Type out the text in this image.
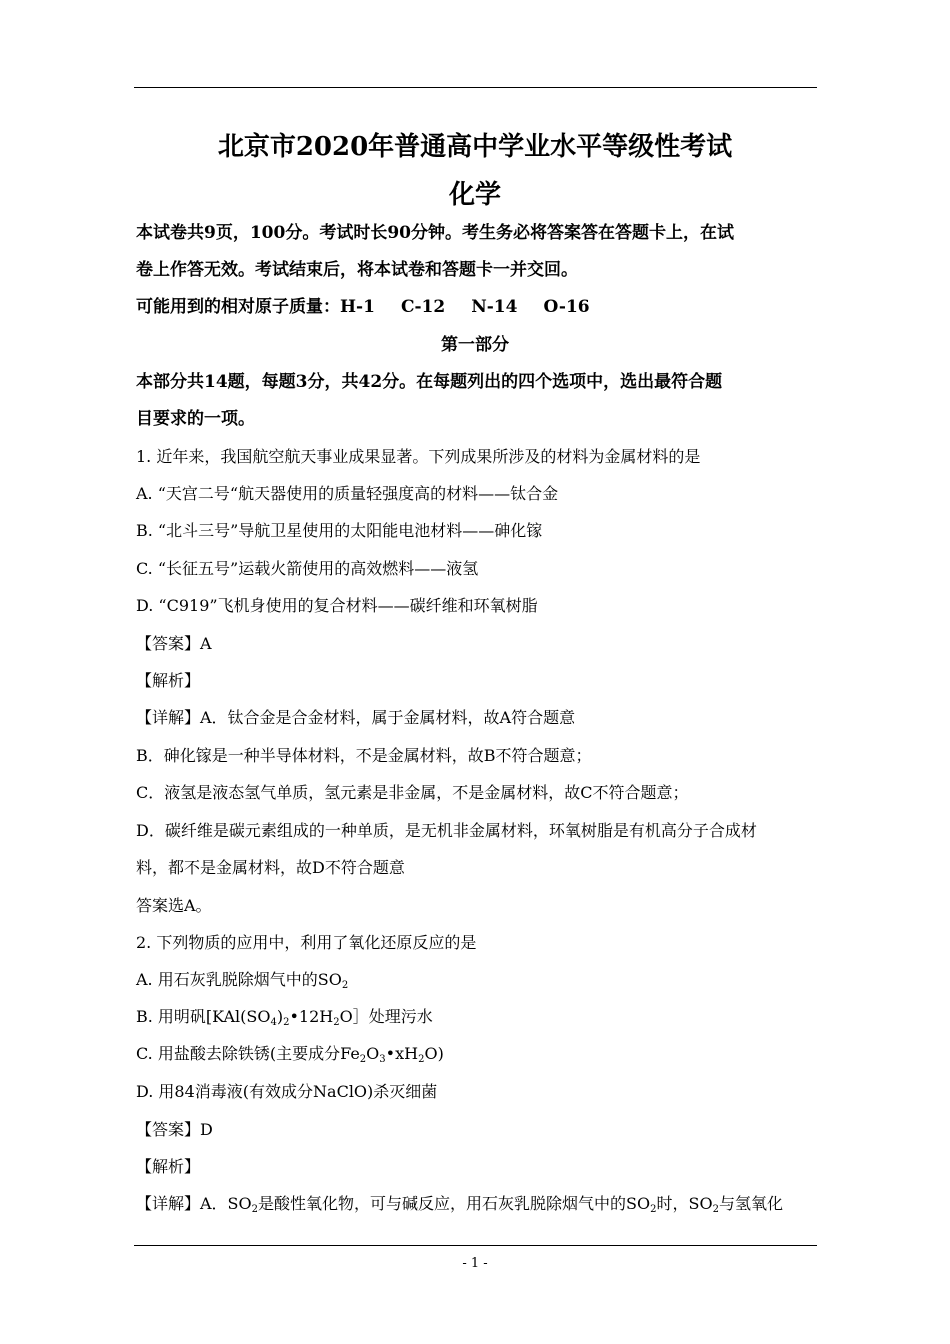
北京市2020年普通高中学业水平等级性考试
化学
本试卷共9页，100分。考试时长90分钟。考生务必将答案答在答题卡上，在试
卷上作答无效。考试结束后，将本试卷和答题卡一并交回。
可能用到的相对原子质量：H-1 C-12 N-14 O-16
第一部分
本部分共14题，每题3分，共42分。在每题列出的四个选项中，选出最符合题
目要求的一项。
1. 近年来，我国航空航天事业成果显著。下列成果所涉及的材料为金属材料的是
A. “天宫二号“航天器使用的质量轻强度高的材料——钛合金
B. “北斗三号”导航卫星使用的太阳能电池材料——砷化镓
C. “长征五号”运载火箭使用的高效燃料——液氢
D. “C919”飞机身使用的复合材料——碳纤维和环氧树脂
【答案】A
【解析】
【详解】A．钛合金是合金材料，属于金属材料，故A符合题意
B．砷化镓是一种半导体材料，不是金属材料，故B不符合题意；
C．液氢是液态氢气单质，氢元素是非金属，不是金属材料，故C不符合题意；
D．碳纤维是碳元素组成的一种单质，是无机非金属材料，环氧树脂是有机高分子合成材
料，都不是金属材料，故D不符合题意
答案选A。
2. 下列物质的应用中，利用了氧化还原反应的是
A. 用石灰乳脱除烟气中的$SO_2$
B. 用明矾[$KAl(SO_4)_2•12H_2O]$处理污水
C. 用盐酸去除铁锈(主要成分$Fe_2O_3•xH_2O$)
D. 用84消毒液(有效成分NaClO)杀灭细菌
【答案】D
【解析】
【详解】A．$SO_2$是酸性氧化物，可与碱反应，用石灰乳脱除烟气中的$SO_2$时，$SO_2$与氢氧化
- 1 -
